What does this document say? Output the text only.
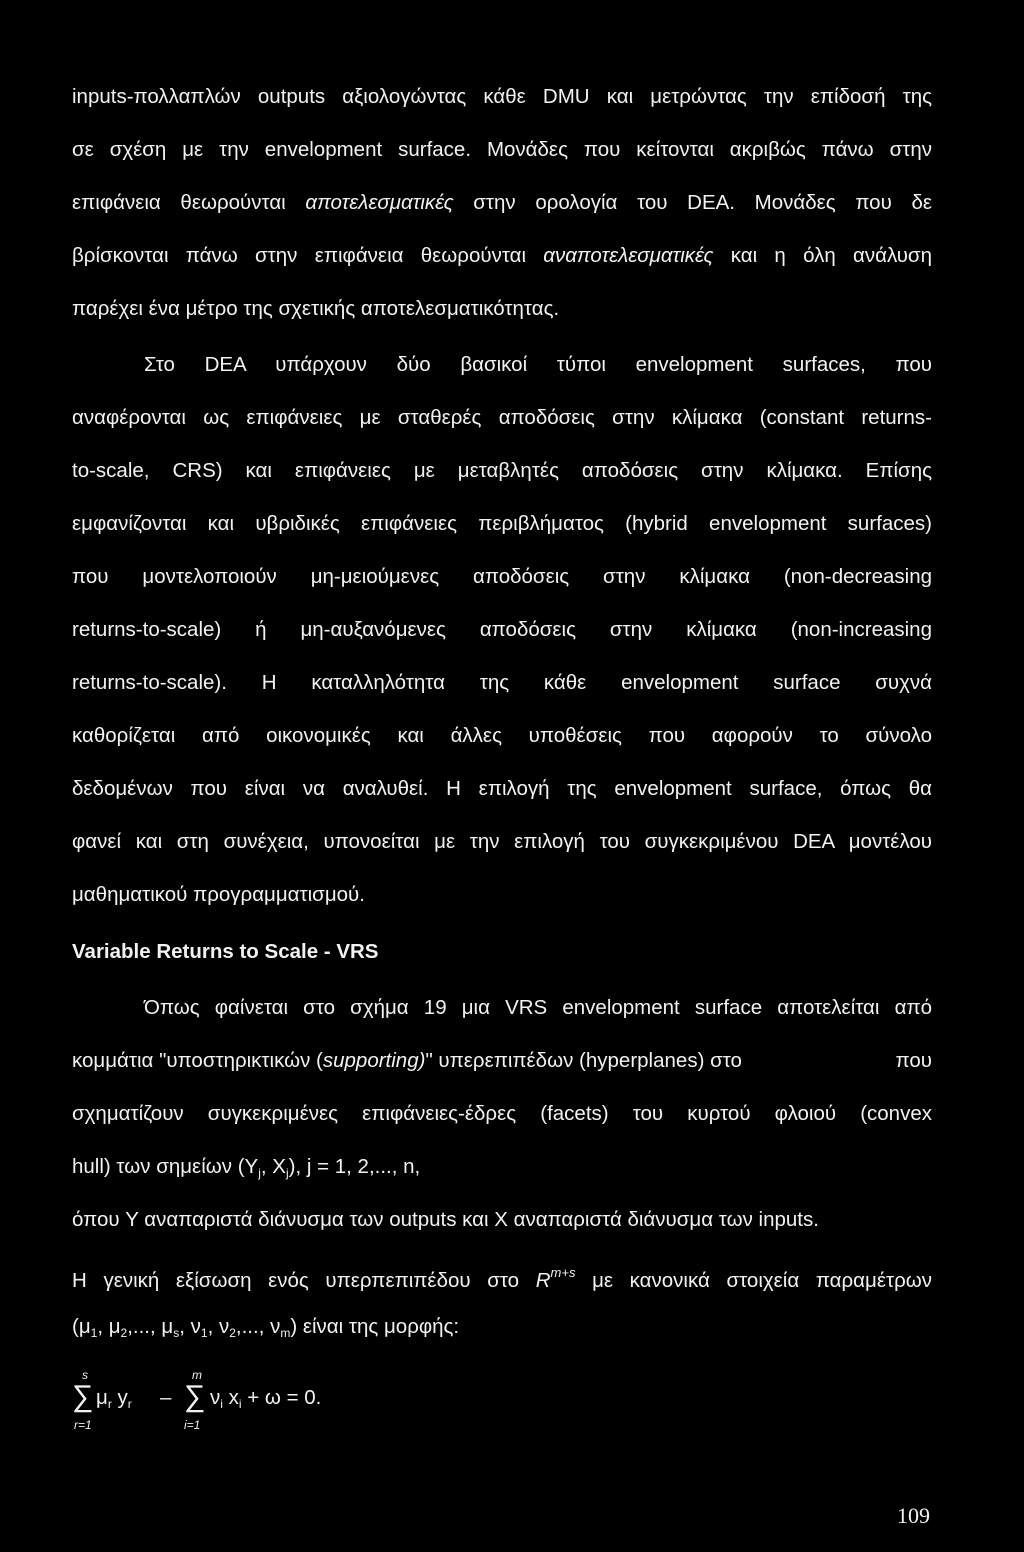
inputs-πολλαπλών outputs αξιολογώντας κάθε DMU και μετρώντας την επίδοσή της
σε σχέση με την envelopment surface. Μονάδες που κείτονται ακριβώς πάνω στην
επιφάνεια θεωρούνται αποτελεσματικές στην ορολογία του DEA. Μονάδες που δε
βρίσκονται πάνω στην επιφάνεια θεωρούνται αναποτελεσματικές και η όλη ανάλυση
παρέχει ένα μέτρο της σχετικής αποτελεσματικότητας.
Στο DEA υπάρχουν δύο βασικοί τύποι envelopment surfaces, που
αναφέρονται ως επιφάνειες με σταθερές αποδόσεις στην κλίμακα (constant returns-
to-scale, CRS) και επιφάνειες με μεταβλητές αποδόσεις στην κλίμακα. Επίσης
εμφανίζονται και υβριδικές επιφάνειες περιβλήματος (hybrid envelopment surfaces)
που μοντελοποιούν μη-μειούμενες αποδόσεις στην κλίμακα (non-decreasing
returns-to-scale) ή μη-αυξανόμενες αποδόσεις στην κλίμακα (non-increasing
returns-to-scale). Η καταλληλότητα της κάθε envelopment surface συχνά
καθορίζεται από οικονομικές και άλλες υποθέσεις που αφορούν το σύνολο
δεδομένων που είναι να αναλυθεί. Η επιλογή της envelopment surface, όπως θα
φανεί και στη συνέχεια, υπονοείται με την επιλογή του συγκεκριμένου DEA μοντέλου
μαθηματικού προγραμματισμού.
Variable Returns to Scale - VRS
Όπως φαίνεται στο σχήμα 19 μια VRS envelopment surface αποτελείται από
κομμάτια "υποστηρικτικών (supporting)" υπερεπιπέδων (hyperplanes) στο	που
σχηματίζουν συγκεκριμένες επιφάνειες-έδρες (facets) του κυρτού φλοιού (convex
hull) των σημείων ($Y_j$, $X_j$), j = 1, 2,..., n,
όπου Y αναπαριστά διάνυσμα των outputs και X αναπαριστά διάνυσμα των inputs.
Η γενική εξίσωση ενός υπερπεπιπέδου στο $R^{m+s}$ με κανονικά στοιχεία παραμέτρων
($\mu_1$, $\mu_2$,..., $\mu_s$, $\nu_1$, $\nu_2$,..., $\nu_m$) είναι της μορφής:
s
∑
r=1
$\mu_r$ $y_r$ –
m
∑
i=1
$\nu_i$ $x_i + \omega = 0$.
109
